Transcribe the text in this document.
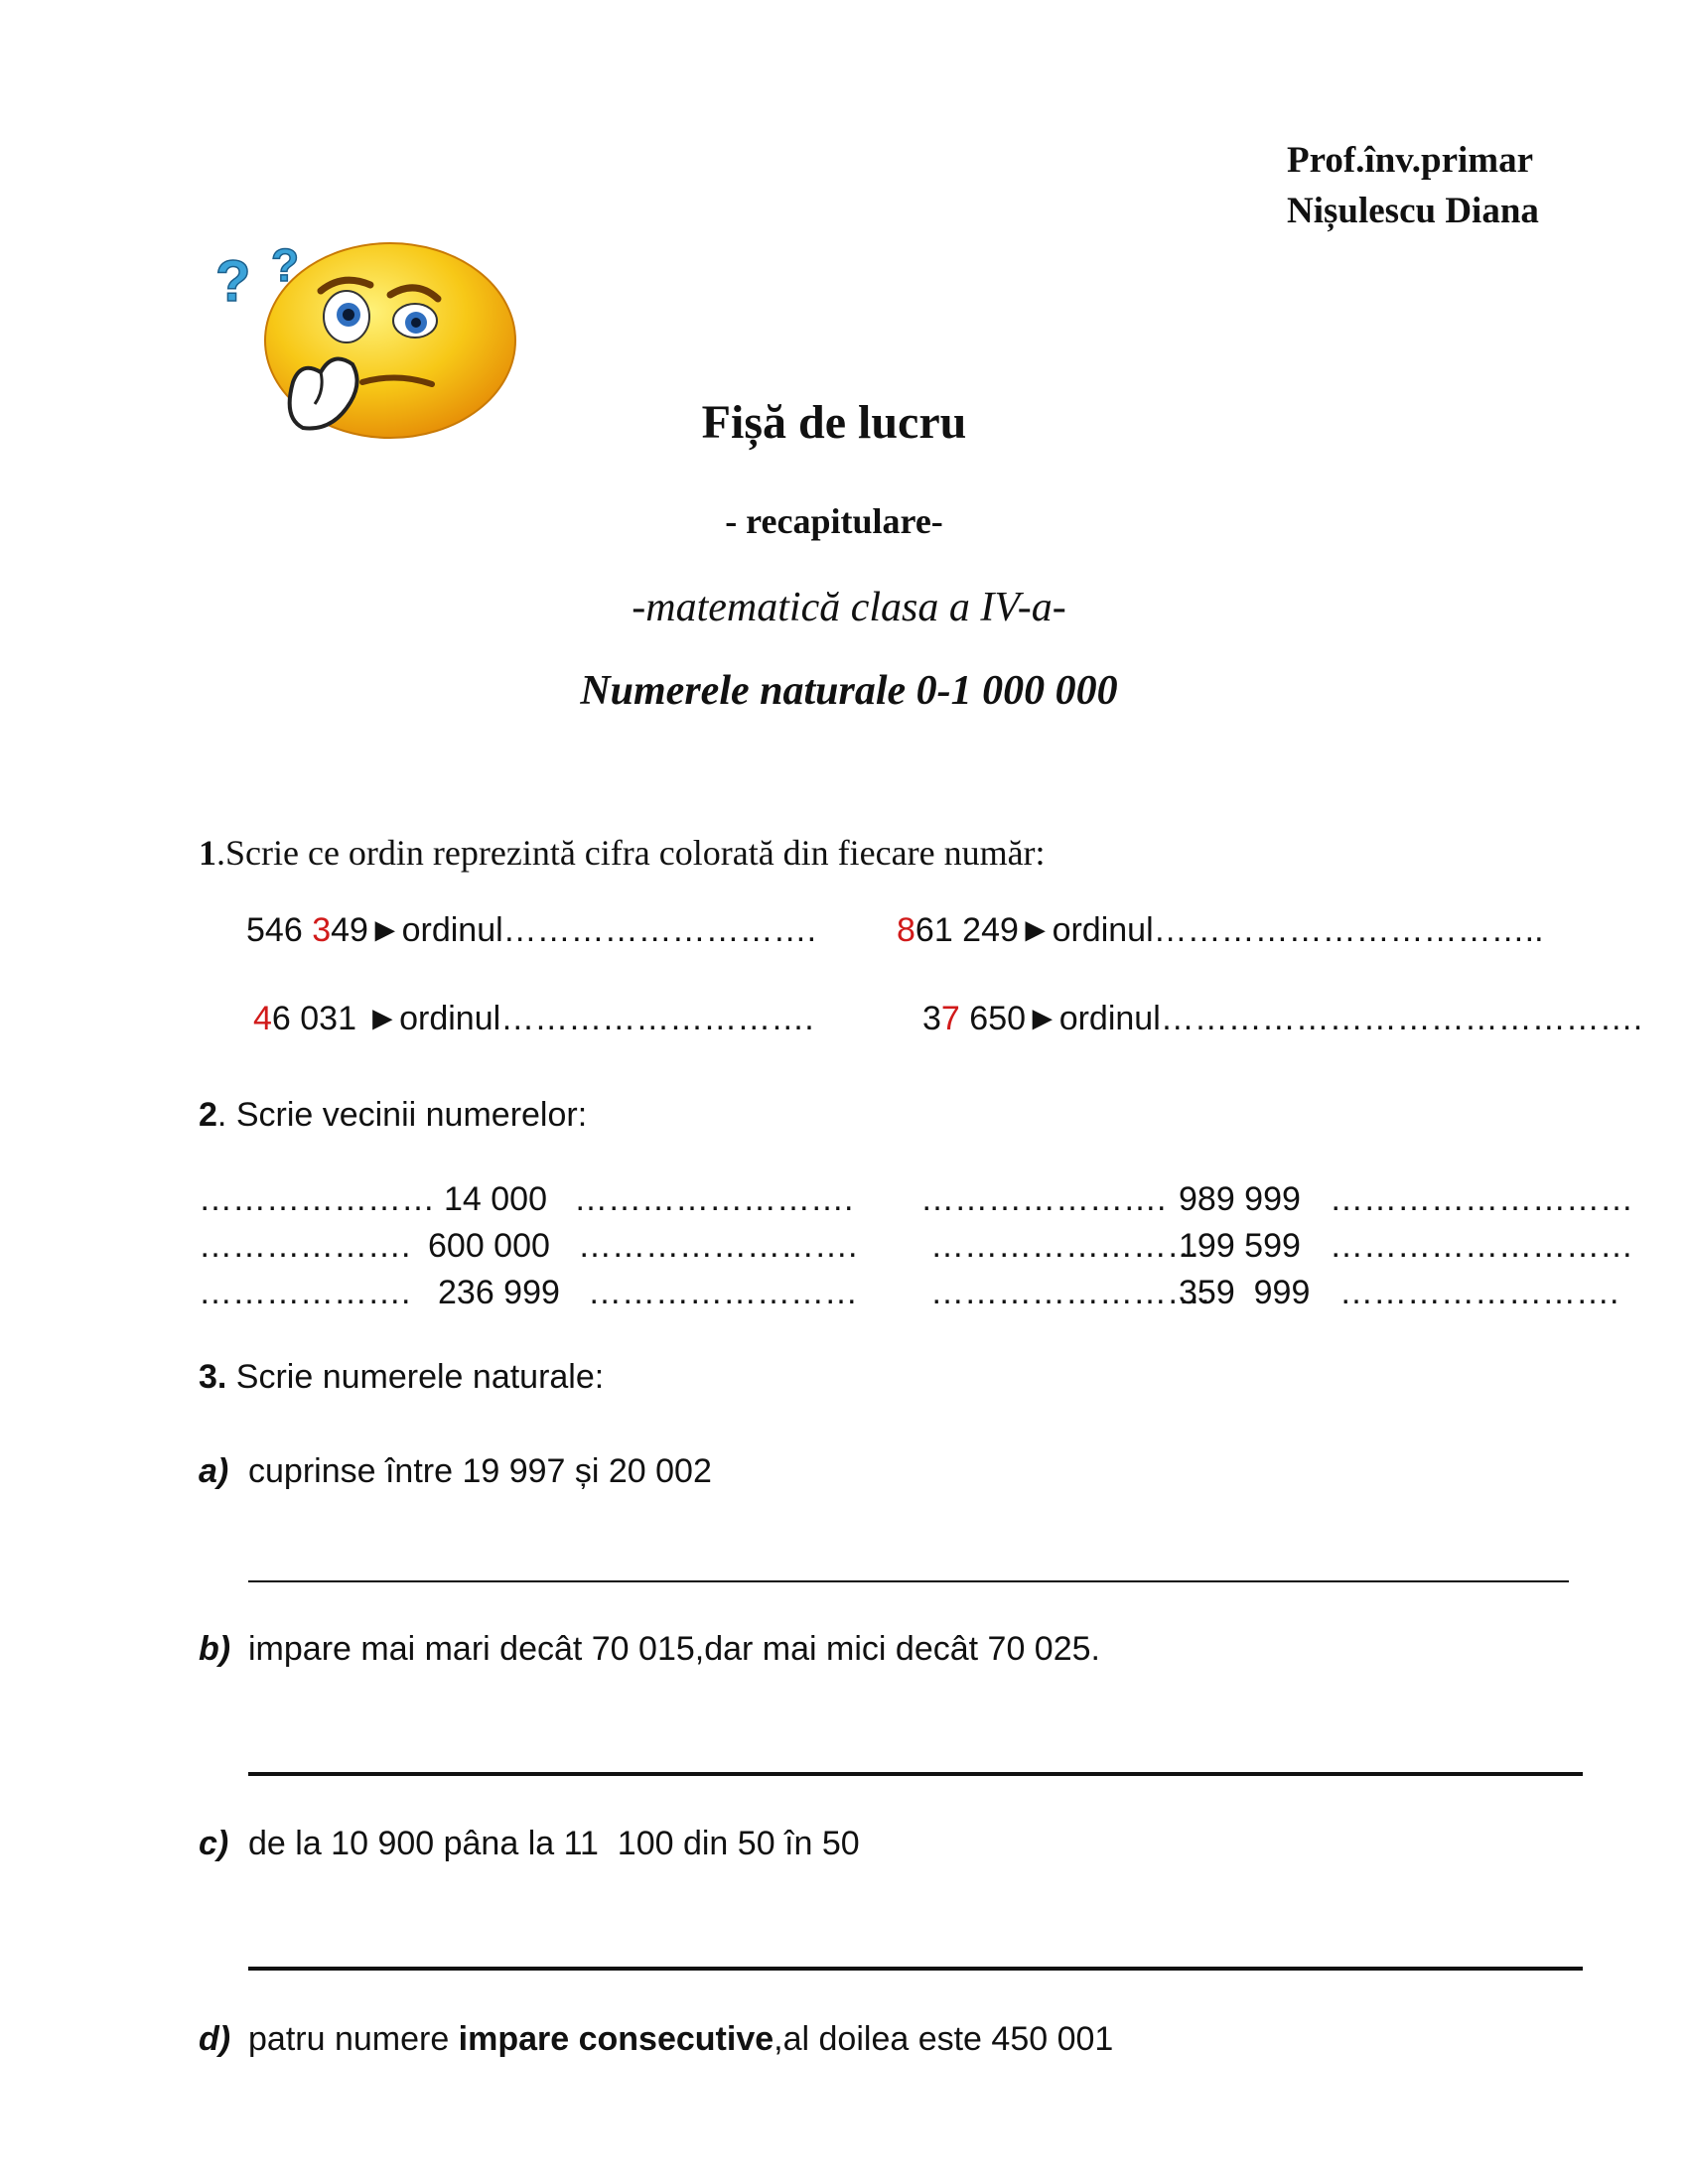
Prof.înv.primar
Nișulescu Diana
? ?
Fișă de lucru
- recapitulare-
-matematică clasa a IV-a-
Numerele naturale 0-1 000 000
1.Scrie ce ordin reprezintă cifra colorată din fiecare număr:
546 349►ordinul………………………. 861 249►ordinul……………………………..
46 031 ►ordinul……………………….	37 650►ordinul…………………………………….
2. Scrie vecinii numerelor:
………………… 14 000 ……………………. …………………. 989 999 ………………………
………………. 600 000 ……………………. ……………………
199 599 ………………………
………………. 236 999 …………………… …………………….
359  999 …………………….
3. Scrie numerele naturale:
a) cuprinse între 19 997 și 20 002
b) impare mai mari decât 70 015,dar mai mici decât 70 025.
c) de la 10 900 pâna la 11  100 din 50 în 50
d) patru numere impare consecutive,al doilea este 450 001
